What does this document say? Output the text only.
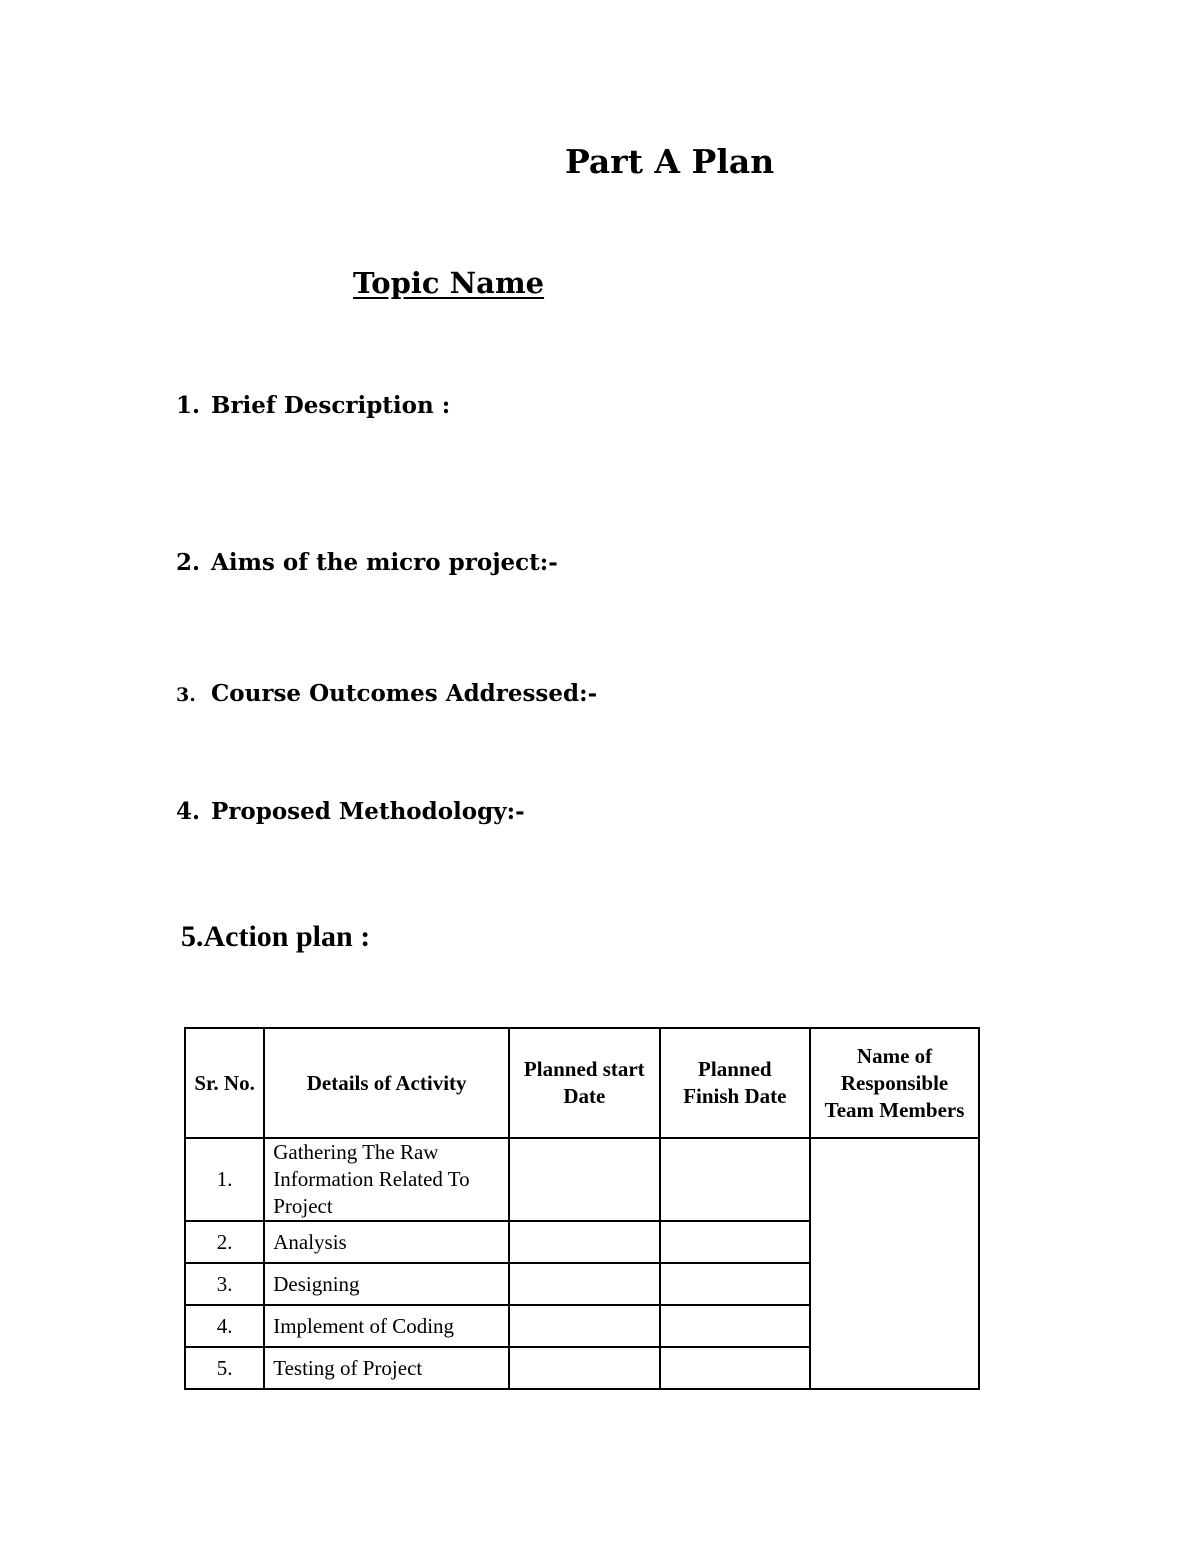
Part A Plan
Topic Name
1. Brief Description :
2. Aims of the micro project:-
3. Course Outcomes Addressed:-
4. Proposed Methodology:-
5.Action plan :
Sr. No.	Details of Activity	Planned start Date	Planned Finish Date	Name of Responsible Team Members
1.	Gathering The Raw Information Related To Project			
2.	Analysis			
3.	Designing			
4.	Implement of Coding			
5.	Testing of Project			
